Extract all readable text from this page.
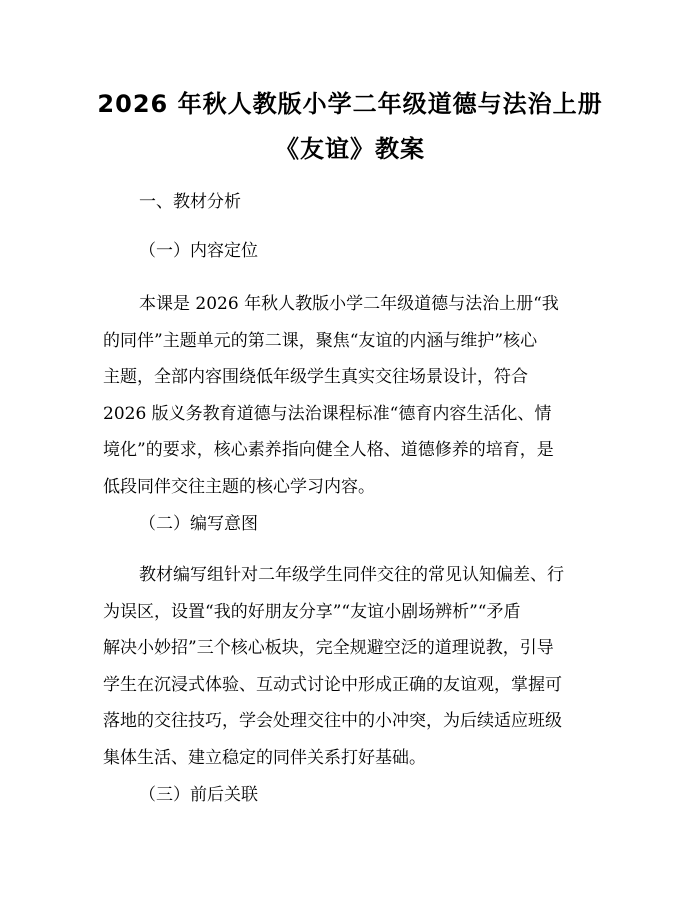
2026 年秋人教版小学二年级道德与法治上册
《友谊》教案

一、教材分析

（一）内容定位

本课是 2026 年秋人教版小学二年级道德与法治上册“我
的同伴”主题单元的第二课，聚焦“友谊的内涵与维护”核心
主题，全部内容围绕低年级学生真实交往场景设计，符合
2026 版义务教育道德与法治课程标准“德育内容生活化、情
境化”的要求，核心素养指向健全人格、道德修养的培育，是
低段同伴交往主题的核心学习内容。

（二）编写意图

教材编写组针对二年级学生同伴交往的常见认知偏差、行
为误区，设置“我的好朋友分享”“友谊小剧场辨析”“矛盾
解决小妙招”三个核心板块，完全规避空泛的道理说教，引导
学生在沉浸式体验、互动式讨论中形成正确的友谊观，掌握可
落地的交往技巧，学会处理交往中的小冲突，为后续适应班级
集体生活、建立稳定的同伴关系打好基础。

（三）前后关联
